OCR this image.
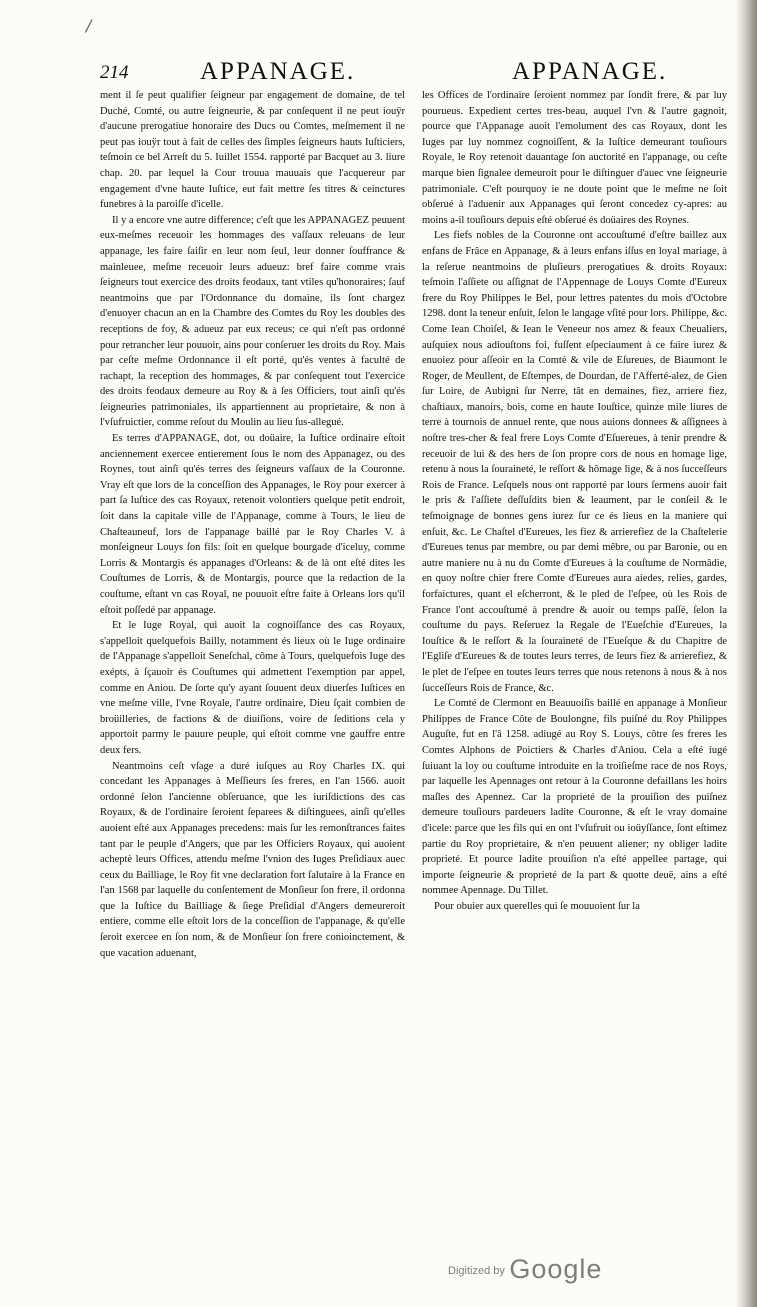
/
214	APPANAGE.	APPANAGE.

ment il ſe peut qualifier ſeigneur par engagement de domaine, de tel Duché, Comté, ou autre ſeigneurie, & par conſequent il ne peut iouÿr d'aucune prerogatiue honoraire des Ducs ou Comtes, meſmement il ne peut pas iouÿr tout à fait de celles des ſimples ſeigneurs hauts Iuſticiers, teſmoin ce bel Arreſt du 5. Iuillet 1554. rapporté par Bacquet au 3. liure chap. 20. par lequel la Cour trouua mauuais que l'acquereur par engagement d'vne haute Iuſtice, eut fait mettre ſes titres & ceinctures funebres à la paroiſſe d'icelle.

Il y a encore vne autre difference; c'eſt que les APPANAGEZ peuuent eux-meſmes receuoir les hommages des vaſſaux releuans de leur appanage, les faire ſaiſir en leur nom ſeul, leur donner ſouffrance & mainleuee, meſme receuoir leurs adueuz: bref faire comme vrais ſeigneurs tout exercice des droits feodaux, tant vtiles qu'honoraires; ſauf neantmoins que par l'Ordonnance du domaine, ils ſont chargez d'enuoyer chacun an en la Chambre des Comtes du Roy les doubles des receptions de foy, & adueuz par eux receus; ce qui n'eſt pas ordonné pour retrancher leur pouuoir, ains pour conſeruer les droits du Roy. Mais par ceſte meſme Ordonnance il eſt porté, qu'és ventes à faculté de rachapt, la reception des hommages, & par conſequent tout l'exercice des droits feodaux demeure au Roy & à ſes Officiers, tout ainſi qu'és ſeigneuries patrimoniales, ils appartiennent au proprietaire, & non à l'vſufruictier, comme reſout du Moulin au lieu ſus-allegué.

Es terres d'APPANAGE, dot, ou doüaire, la Iuſtice ordinaire eſtoit anciennement exercee entierement ſous le nom des Appanagez, ou des Roynes, tout ainſi qu'és terres des ſeigneurs vaſſaux de la Couronne. Vray eſt que lors de la conceſſion des Appanages, le Roy pour exercer à part ſa Iuſtice des cas Royaux, retenoit volontiers quelque petit endroit, ſoit dans la capitale ville de l'Appanage, comme à Tours, le lieu de Chaſteauneuf, lors de l'appanage baillé par le Roy Charles V. à monſeigneur Louys ſon fils: ſoit en quelque bourgade d'iceluy, comme Lorris & Montargis és appanages d'Orleans: & de là ont eſté dites les Couſtumes de Lorris, & de Montargis, pource que la redaction de la couſtume, eſtant vn cas Royal, ne pouuoit eſtre faite à Orleans lors qu'il eſtoit poſſedé par appanage.

Et le Iuge Royal, qui auoit la cognoiſſance des cas Royaux, s'appelloit quelquefois Bailly, notamment és lieux où le Iuge ordinaire de l'Appanage s'appelloit Seneſchal, côme à Tours, quelquefois Iuge des exépts, à ſçauoir és Couſtumes qui admettent l'exemption par appel, comme en Aniou. De ſorte qu'y ayant ſouuent deux diuerſes Iuſtices en vne meſme ville, l'vne Royale, l'autre ordinaire, Dieu ſçait combien de broüilleries, de factions & de diuiſions, voire de ſeditions cela y apportoit parmy le pauure peuple, qui eſtoit comme vne gauffre entre deux fers.

Neantmoins ceſt vſage a duré iuſques au Roy Charles IX. qui concedant les Appanages à Meſſieurs ſes freres, en l'an 1566. auoit ordonné ſelon l'ancienne obſeruance, que les iuriſdictions des cas Royaux, & de l'ordinaire ſeroient ſeparees & diſtinguees, ainſi qu'elles auoient eſté aux Appanages precedens: mais ſur les remonſtrances faites tant par le peuple d'Angers, que par les Officiers Royaux, qui auoient acheptè leurs Offices, attendu meſme l'vnion des Iuges Preſidiaux auec ceux du Bailliage, le Roy fit vne declaration fort ſalutaire à la France en l'an 1568 par laquelle du conſentement de Monſieur ſon frere, il ordonna que la Iuſtice du Bailliage & ſiege Preſidial d'Angers demeureroit entiere, comme elle eſtoit lors de la conceſſion de l'appanage, & qu'elle ſeroit exercee en ſon nom, & de Monſieur ſon frere conioinctement, & que vacation aduenant,

les Offices de l'ordinaire ſeroient nommez par ſondit frere, & par luy pourueus. Expedient certes tres-beau, auquel l'vn & l'autre gagnoit, pource que l'Appanage auoit l'emolument des cas Royaux, dont les Iuges par luy nommez cognoiſſent, & la Iuſtice demeurant touſiours Royale, le Roy retenoit dauantage ſon auctorité en l'appanage, ou ceſte marque bien ſignalee demeuroit pour le diſtinguer d'auec vne ſeigneurie patrimoniale. C'eſt pourquoy ie ne doute point que le meſme ne ſoit obſerué à l'aduenir aux Appanages qui ſeront concedez cy-apres: au moins a-il touſiours depuis eſté obſerué és doüaires des Roynes.

Les fiefs nobles de la Couronne ont accouſtumé d'eſtre baillez aux enfans de Frâce en Appanage, & à leurs enfans iſſus en loyal mariage, à la reſerue neantmoins de pluſieurs prerogatiues & droits Royaux: teſmoin l'aſſiete ou aſſignat de l'Appennage de Louys Comte d'Eureux frere du Roy Philippes le Bel, pour lettres patentes du mois d'Octobre 1298. dont la teneur enſuit, ſelon le langage vſité pour lors. Philippe, &c. Come Iean Choiſel, & Iean le Veneeur nos amez & feaux Cheualiers, auſquiex nous adiouſtons foi, fuſſent eſpeciaument à ce faire iurez & enuoiez pour aſſeoir en la Comté & vile de Eſureues, de Biaumont le Roger, de Meullent, de Eſtempes, de Dourdan, de l'Afferté-alez, de Gien ſur Loire, de Aubigni ſur Nerre, tât en demaines, fiez, arriere fiez, chaſtiaux, manoirs, bois, come en haute Iouſtice, quinze mile liures de terre à tournois de annuel rente, que nous auions donnees & aſſignees à noſtre tres-cher & feal frere Loys Comte d'Eſuereues, à tenir prendre & receuoir de lui & des hers de ſon propre cors de nous en homage lige, retenu à nous la ſouraineté, le reſſort & hômage lige, & à nos ſucceſſeurs Rois de France. Leſquels nous ont rapporté par lours ſermens auoir fait le pris & l'aſſiete deſſuſdits bien & leaument, par le conſeil & le teſmoignage de bonnes gens iurez ſur ce és lieus en la maniere qui enſuit, &c. Le Chaſtel d'Eureues, les fiez & arrierefiez de la Chaſtelerie d'Eureues tenus par membre, ou par demi mêbre, ou par Baronie, ou en autre maniere nu à nu du Comte d'Eureues à la couſtume de Normâdie, en quoy noſtre chier frere Comte d'Eureues aura aiedes, relies, gardes, forfaictures, quant el eſcherront, & le pled de l'eſpee, où les Rois de France l'ont accouſtumé à prendre & auoir ou temps paſſé, ſelon la couſtume du pays. Reſeruez la Regale de l'Eueſchie d'Eureues, la Iouſtice & le reſſort & la ſouraineté de l'Eueſque & du Chapitre de l'Egliſe d'Eureues & de toutes leurs terres, de leurs fiez & arrierefiez, & le plet de l'eſpee en toutes leurs terres que nous retenons à nous & à nos ſucceſſeurs Rois de France, &c.

Le Comté de Clermont en Beauuoiſis baillé en appanage à Monſieur Philippes de France Côte de Boulongne, fils puiſné du Roy Philippes Auguſte, fut en l'â 1258. adiugé au Roy S. Louys, côtre ſes freres les Comtes Alphons de Poictiers & Charles d'Aniou. Cela a eſté iugé ſuiuant la loy ou couſtume introduite en la troiſieſme race de nos Roys, par laquelle les Apennages ont retour à la Couronne defaillans les hoirs maſles des Apennez. Car la proprieté de la prouiſion des puiſnez demeure touſiours pardeuers ladite Couronne, & eſt le vray domaine d'icele: parce que les fils qui en ont l'vſufruit ou ioüyſſance, ſont eſtimez partie du Roy proprietaire, & n'en peuuent aliener; ny obliger ladite proprieté. Et pource ladite prouiſion n'a eſté appellee partage, qui importe ſeigneurie & proprieté de la part & quotte deuë, ains a eſté nommee Apennage. Du Tillet.

Pour obuier aux querelles qui ſe mouuoient ſur la

$^{Digitized by}$ Google
